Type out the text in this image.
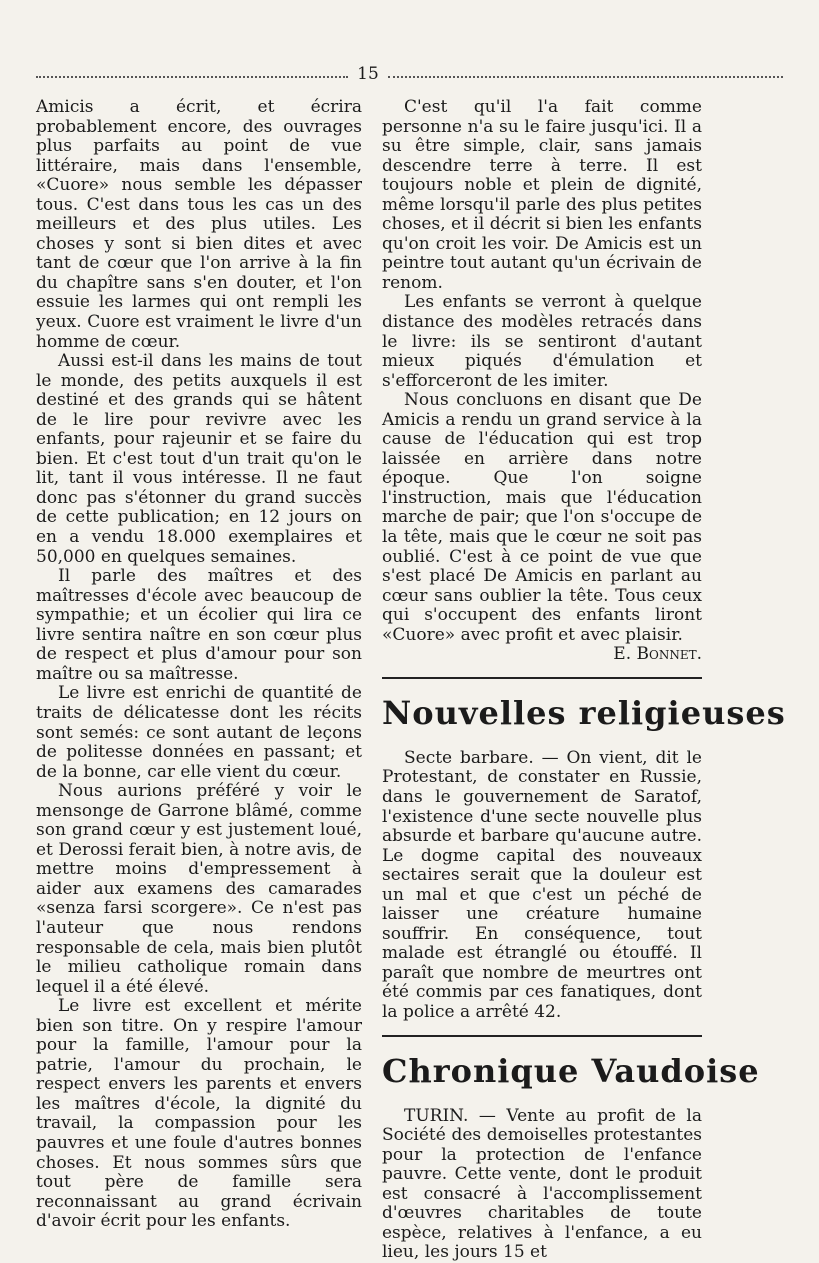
15

Amicis a écrit, et écrira probablement encore, des ouvrages plus parfaits au point de vue littéraire, mais dans l'ensemble, «Cuore» nous semble les dépasser tous. C'est dans tous les cas un des meilleurs et des plus utiles. Les choses y sont si bien dites et avec tant de cœur que l'on arrive à la fin du chapître sans s'en douter, et l'on essuie les larmes qui ont rempli les yeux. Cuore est vraiment le livre d'un homme de cœur.

Aussi est-il dans les mains de tout le monde, des petits auxquels il est destiné et des grands qui se hâtent de le lire pour revivre avec les enfants, pour rajeunir et se faire du bien. Et c'est tout d'un trait qu'on le lit, tant il vous intéresse. Il ne faut donc pas s'étonner du grand succès de cette publication; en 12 jours on en a vendu 18.000 exemplaires et 50,000 en quelques semaines.

Il parle des maîtres et des maîtresses d'école avec beaucoup de sympathie; et un écolier qui lira ce livre sentira naître en son cœur plus de respect et plus d'amour pour son maître ou sa maîtresse.

Le livre est enrichi de quantité de traits de délicatesse dont les récits sont semés: ce sont autant de leçons de politesse données en passant; et de la bonne, car elle vient du cœur.

Nous aurions préféré y voir le mensonge de Garrone blâmé, comme son grand cœur y est justement loué, et Derossi ferait bien, à notre avis, de mettre moins d'empressement à aider aux examens des camarades «senza farsi scorgere». Ce n'est pas l'auteur que nous rendons responsable de cela, mais bien plutôt le milieu catholique romain dans lequel il a été élevé.

Le livre est excellent et mérite bien son titre. On y respire l'amour pour la famille, l'amour pour la patrie, l'amour du prochain, le respect envers les parents et envers les maîtres d'école, la dignité du travail, la compassion pour les pauvres et une foule d'autres bonnes choses. Et nous sommes sûrs que tout père de famille sera reconnaissant au grand écrivain d'avoir écrit pour les enfants.

C'est qu'il l'a fait comme personne n'a su le faire jusqu'ici. Il a su être simple, clair, sans jamais descendre terre à terre. Il est toujours noble et plein de dignité, même lorsqu'il parle des plus petites choses, et il décrit si bien les enfants qu'on croit les voir. De Amicis est un peintre tout autant qu'un écrivain de renom.

Les enfants se verront à quelque distance des modèles retracés dans le livre: ils se sentiront d'autant mieux piqués d'émulation et s'efforceront de les imiter.

Nous concluons en disant que De Amicis a rendu un grand service à la cause de l'éducation qui est trop laissée en arrière dans notre époque. Que l'on soigne l'instruction, mais que l'éducation marche de pair; que l'on s'occupe de la tête, mais que le cœur ne soit pas oublié. C'est à ce point de vue que s'est placé De Amicis en parlant au cœur sans oublier la tête. Tous ceux qui s'occupent des enfants liront «Cuore» avec profit et avec plaisir.

E. Bonnet.
Nouvelles religieuses

Secte barbare. — On vient, dit le Protestant, de constater en Russie, dans le gouvernement de Saratof, l'existence d'une secte nouvelle plus absurde et barbare qu'aucune autre. Le dogme capital des nouveaux sectaires serait que la douleur est un mal et que c'est un péché de laisser une créature humaine souffrir. En conséquence, tout malade est étranglé ou étouffé. Il paraît que nombre de meurtres ont été commis par ces fanatiques, dont la police a arrêté 42.

Chronique Vaudoise

TURIN. — Vente au profit de la Société des demoiselles protestantes pour la protection de l'enfance pauvre. Cette vente, dont le produit est consacré à l'accomplissement d'œuvres charitables de toute espèce, relatives à l'enfance, a eu lieu, les jours 15 et
